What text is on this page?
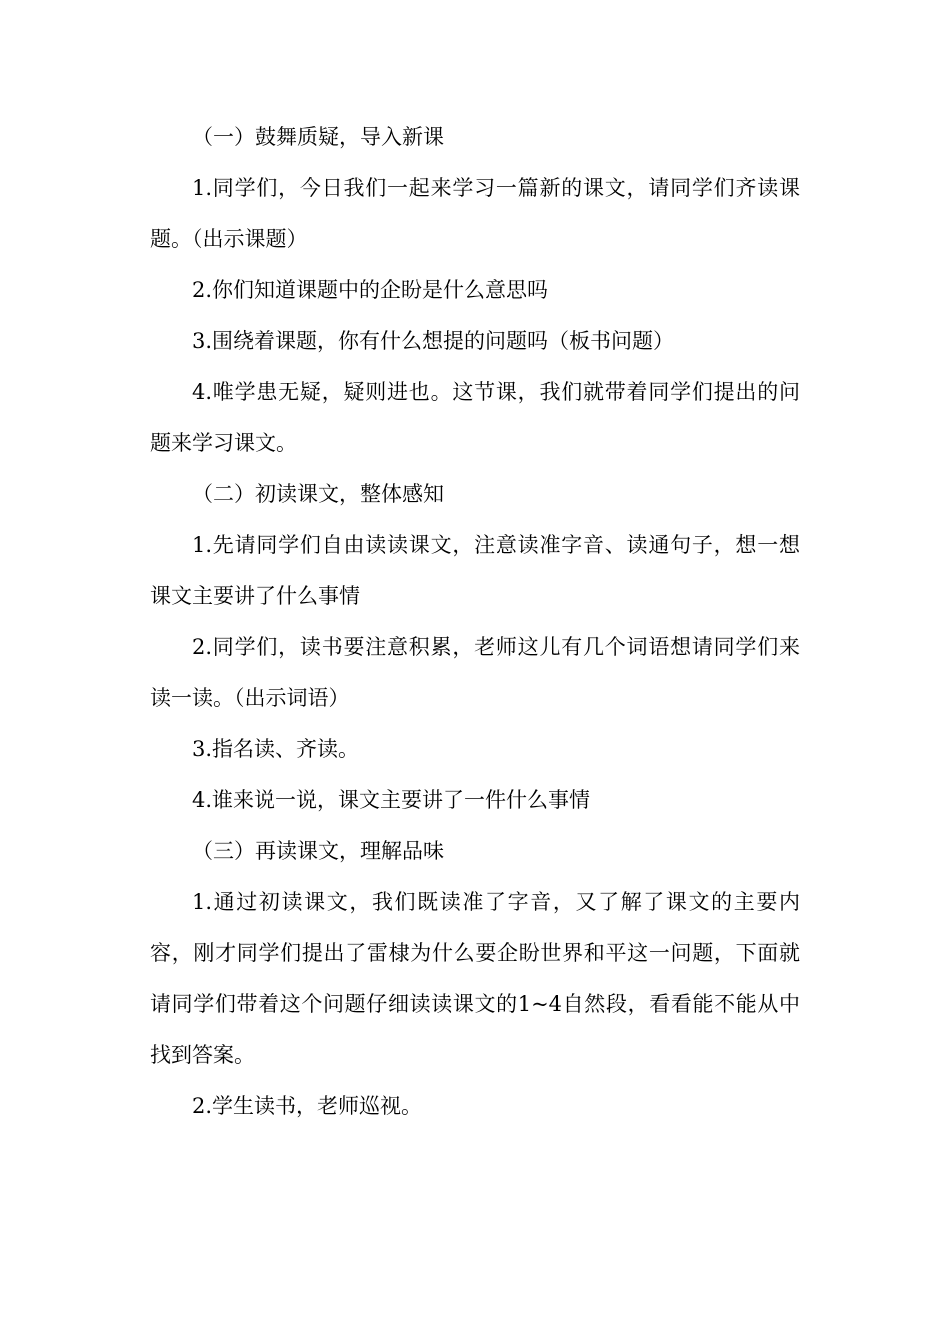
（一）鼓舞质疑，导入新课

1.同学们，今日我们一起来学习一篇新的课文，请同学们齐读课题。（出示课题）

2.你们知道课题中的企盼是什么意思吗

3.围绕着课题，你有什么想提的问题吗（板书问题）

4.唯学患无疑，疑则进也。这节课，我们就带着同学们提出的问题来学习课文。

（二）初读课文，整体感知

1.先请同学们自由读读课文，注意读准字音、读通句子，想一想课文主要讲了什么事情

2.同学们，读书要注意积累，老师这儿有几个词语想请同学们来读一读。（出示词语）

3.指名读、齐读。

4.谁来说一说，课文主要讲了一件什么事情

（三）再读课文，理解品味

1.通过初读课文，我们既读准了字音，又了解了课文的主要内容，刚才同学们提出了雷棣为什么要企盼世界和平这一问题，下面就请同学们带着这个问题仔细读读课文的1~4自然段，看看能不能从中找到答案。

2.学生读书，老师巡视。
